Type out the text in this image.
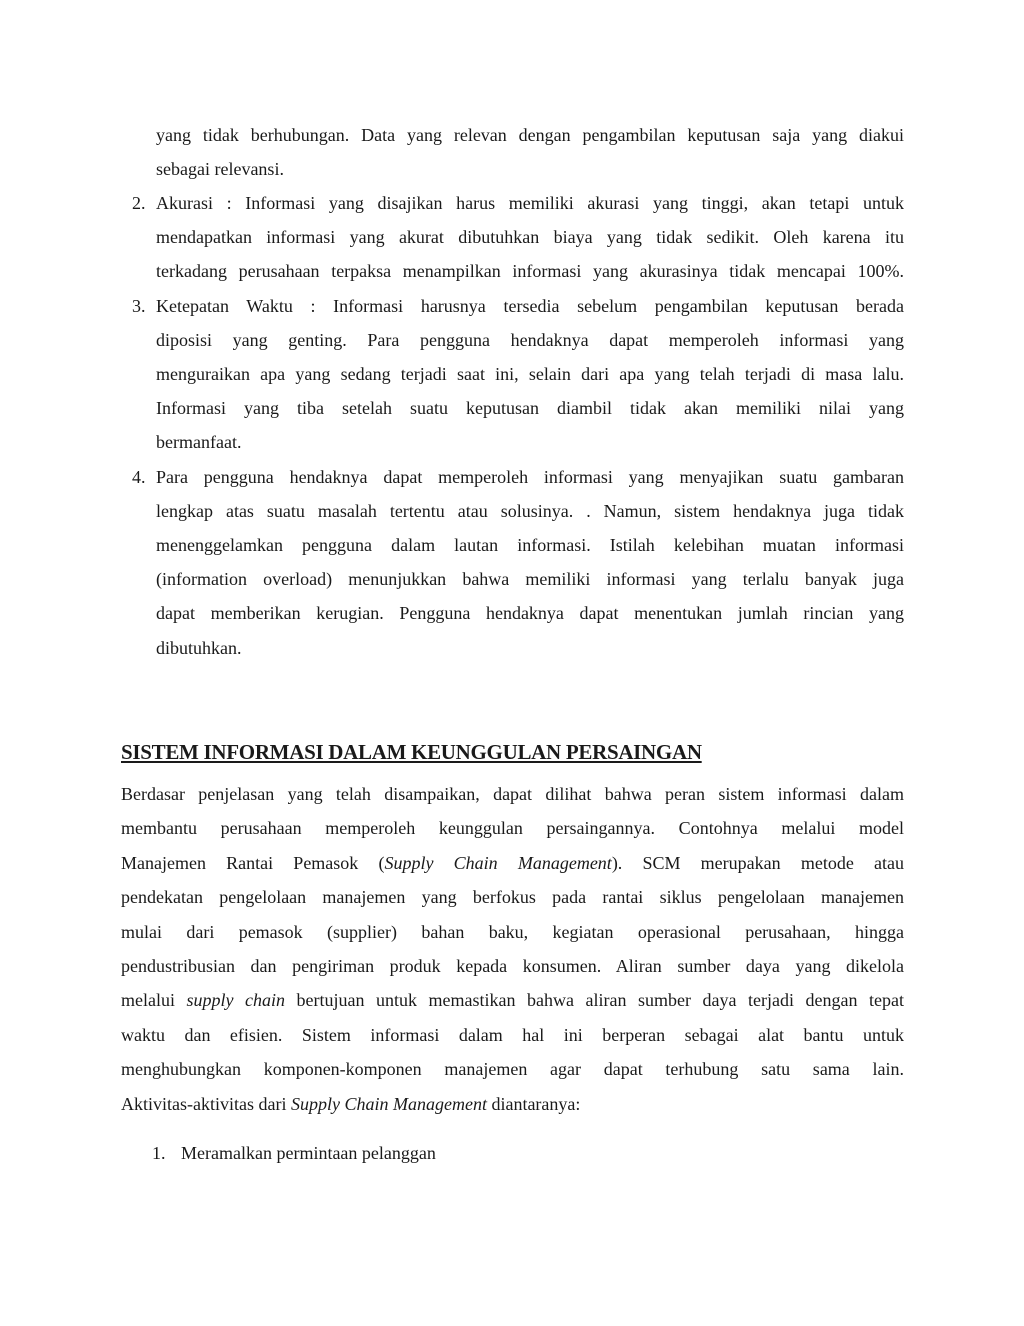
yang tidak berhubungan. Data yang relevan dengan pengambilan keputusan saja yang diakui
sebagai relevansi.
2. Akurasi : Informasi yang disajikan harus memiliki akurasi yang tinggi, akan tetapi untuk
mendapatkan informasi yang akurat dibutuhkan biaya yang tidak sedikit. Oleh karena itu
terkadang perusahaan terpaksa menampilkan informasi yang akurasinya tidak mencapai 100%.
3. Ketepatan Waktu : Informasi harusnya tersedia sebelum pengambilan keputusan berada
diposisi yang genting. Para pengguna hendaknya dapat memperoleh informasi yang
menguraikan apa yang sedang terjadi saat ini, selain dari apa yang telah terjadi di masa lalu.
Informasi yang tiba setelah suatu keputusan diambil tidak akan memiliki nilai yang
bermanfaat.
4. Para pengguna hendaknya dapat memperoleh informasi yang menyajikan suatu gambaran
lengkap atas suatu masalah tertentu atau solusinya. . Namun, sistem hendaknya juga tidak
menenggelamkan pengguna dalam lautan informasi. Istilah kelebihan muatan informasi
(information overload) menunjukkan bahwa memiliki informasi yang terlalu banyak juga
dapat memberikan kerugian. Pengguna hendaknya dapat menentukan jumlah rincian yang
dibutuhkan.
SISTEM INFORMASI DALAM KEUNGGULAN PERSAINGAN
Berdasar penjelasan yang telah disampaikan, dapat dilihat bahwa peran sistem informasi dalam
membantu perusahaan memperoleh keunggulan persaingannya. Contohnya melalui model
Manajemen Rantai Pemasok (Supply Chain Management). SCM merupakan metode atau
pendekatan pengelolaan manajemen yang berfokus pada rantai siklus pengelolaan manajemen
mulai dari pemasok (supplier) bahan baku, kegiatan operasional perusahaan, hingga
pendustribusian dan pengiriman produk kepada konsumen. Aliran sumber daya yang dikelola
melalui supply chain bertujuan untuk memastikan bahwa aliran sumber daya terjadi dengan tepat
waktu dan efisien. Sistem informasi dalam hal ini berperan sebagai alat bantu untuk
menghubungkan komponen-komponen manajemen agar dapat terhubung satu sama lain.
Aktivitas-aktivitas dari Supply Chain Management diantaranya:
1. Meramalkan permintaan pelanggan
